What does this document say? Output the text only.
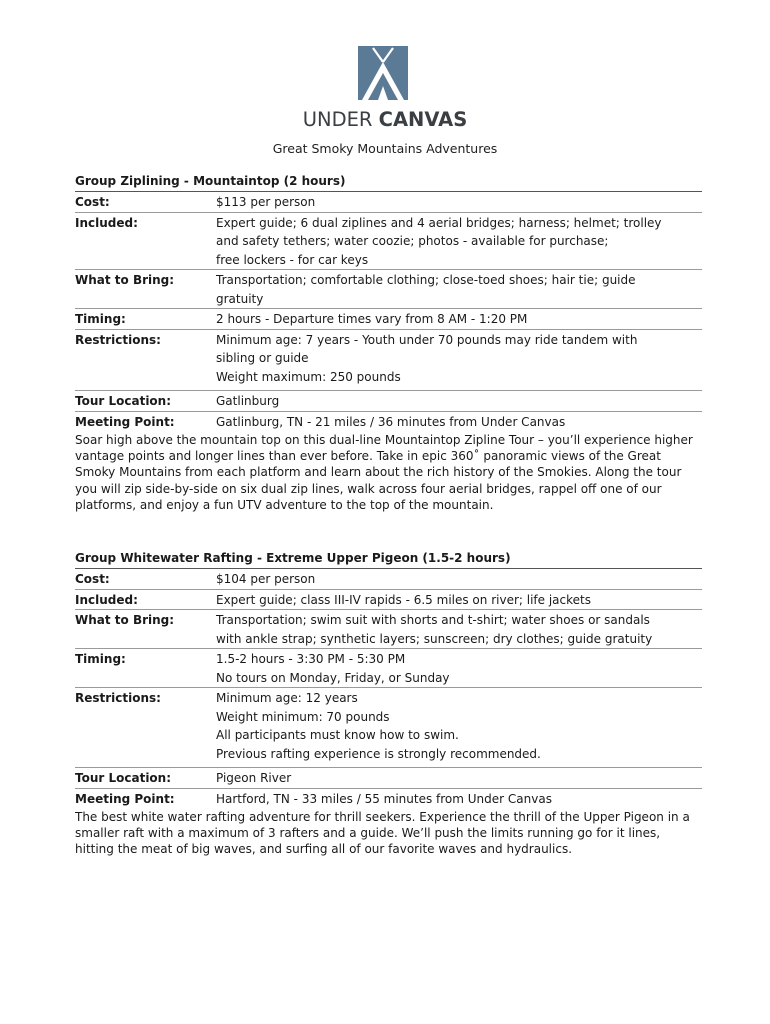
UNDER CANVAS
Great Smoky Mountains Adventures
Group Ziplining - Mountaintop (2 hours)
Cost:	$113 per person
Included:	Expert guide; 6 dual ziplines and 4 aerial bridges; harness; helmet; trolley
and safety tethers; water coozie; photos - available for purchase;
free lockers - for car keys
What to Bring:	Transportation; comfortable clothing; close-toed shoes; hair tie; guide
gratuity
Timing:	2 hours - Departure times vary from 8 AM - 1:20 PM
Restrictions:	Minimum age: 7 years - Youth under 70 pounds may ride tandem with
sibling or guide
Weight maximum: 250 pounds
Tour Location:	Gatlinburg
Meeting Point:	Gatlinburg, TN - 21 miles / 36 minutes from Under Canvas
Soar high above the mountain top on this dual-line Mountaintop Zipline Tour – you’ll experience higher vantage points and longer lines than ever before. Take in epic 360˚ panoramic views of the Great Smoky Mountains from each platform and learn about the rich history of the Smokies. Along the tour you will zip side-by-side on six dual zip lines, walk across four aerial bridges, rappel off one of our platforms, and enjoy a fun UTV adventure to the top of the mountain.
Group Whitewater Rafting - Extreme Upper Pigeon (1.5-2 hours)
Cost:	$104 per person
Included:	Expert guide; class III-IV rapids - 6.5 miles on river; life jackets
What to Bring:	Transportation; swim suit with shorts and t-shirt; water shoes or sandals
with ankle strap; synthetic layers; sunscreen; dry clothes; guide gratuity
Timing:	1.5-2 hours - 3:30 PM - 5:30 PM
No tours on Monday, Friday, or Sunday
Restrictions:	Minimum age: 12 years
Weight minimum: 70 pounds
All participants must know how to swim.
Previous rafting experience is strongly recommended.
Tour Location:	Pigeon River
Meeting Point:	Hartford, TN - 33 miles / 55 minutes from Under Canvas
The best white water rafting adventure for thrill seekers. Experience the thrill of the Upper Pigeon in a smaller raft with a maximum of 3 rafters and a guide. We’ll push the limits running go for it lines, hitting the meat of big waves, and surfing all of our favorite waves and hydraulics.
